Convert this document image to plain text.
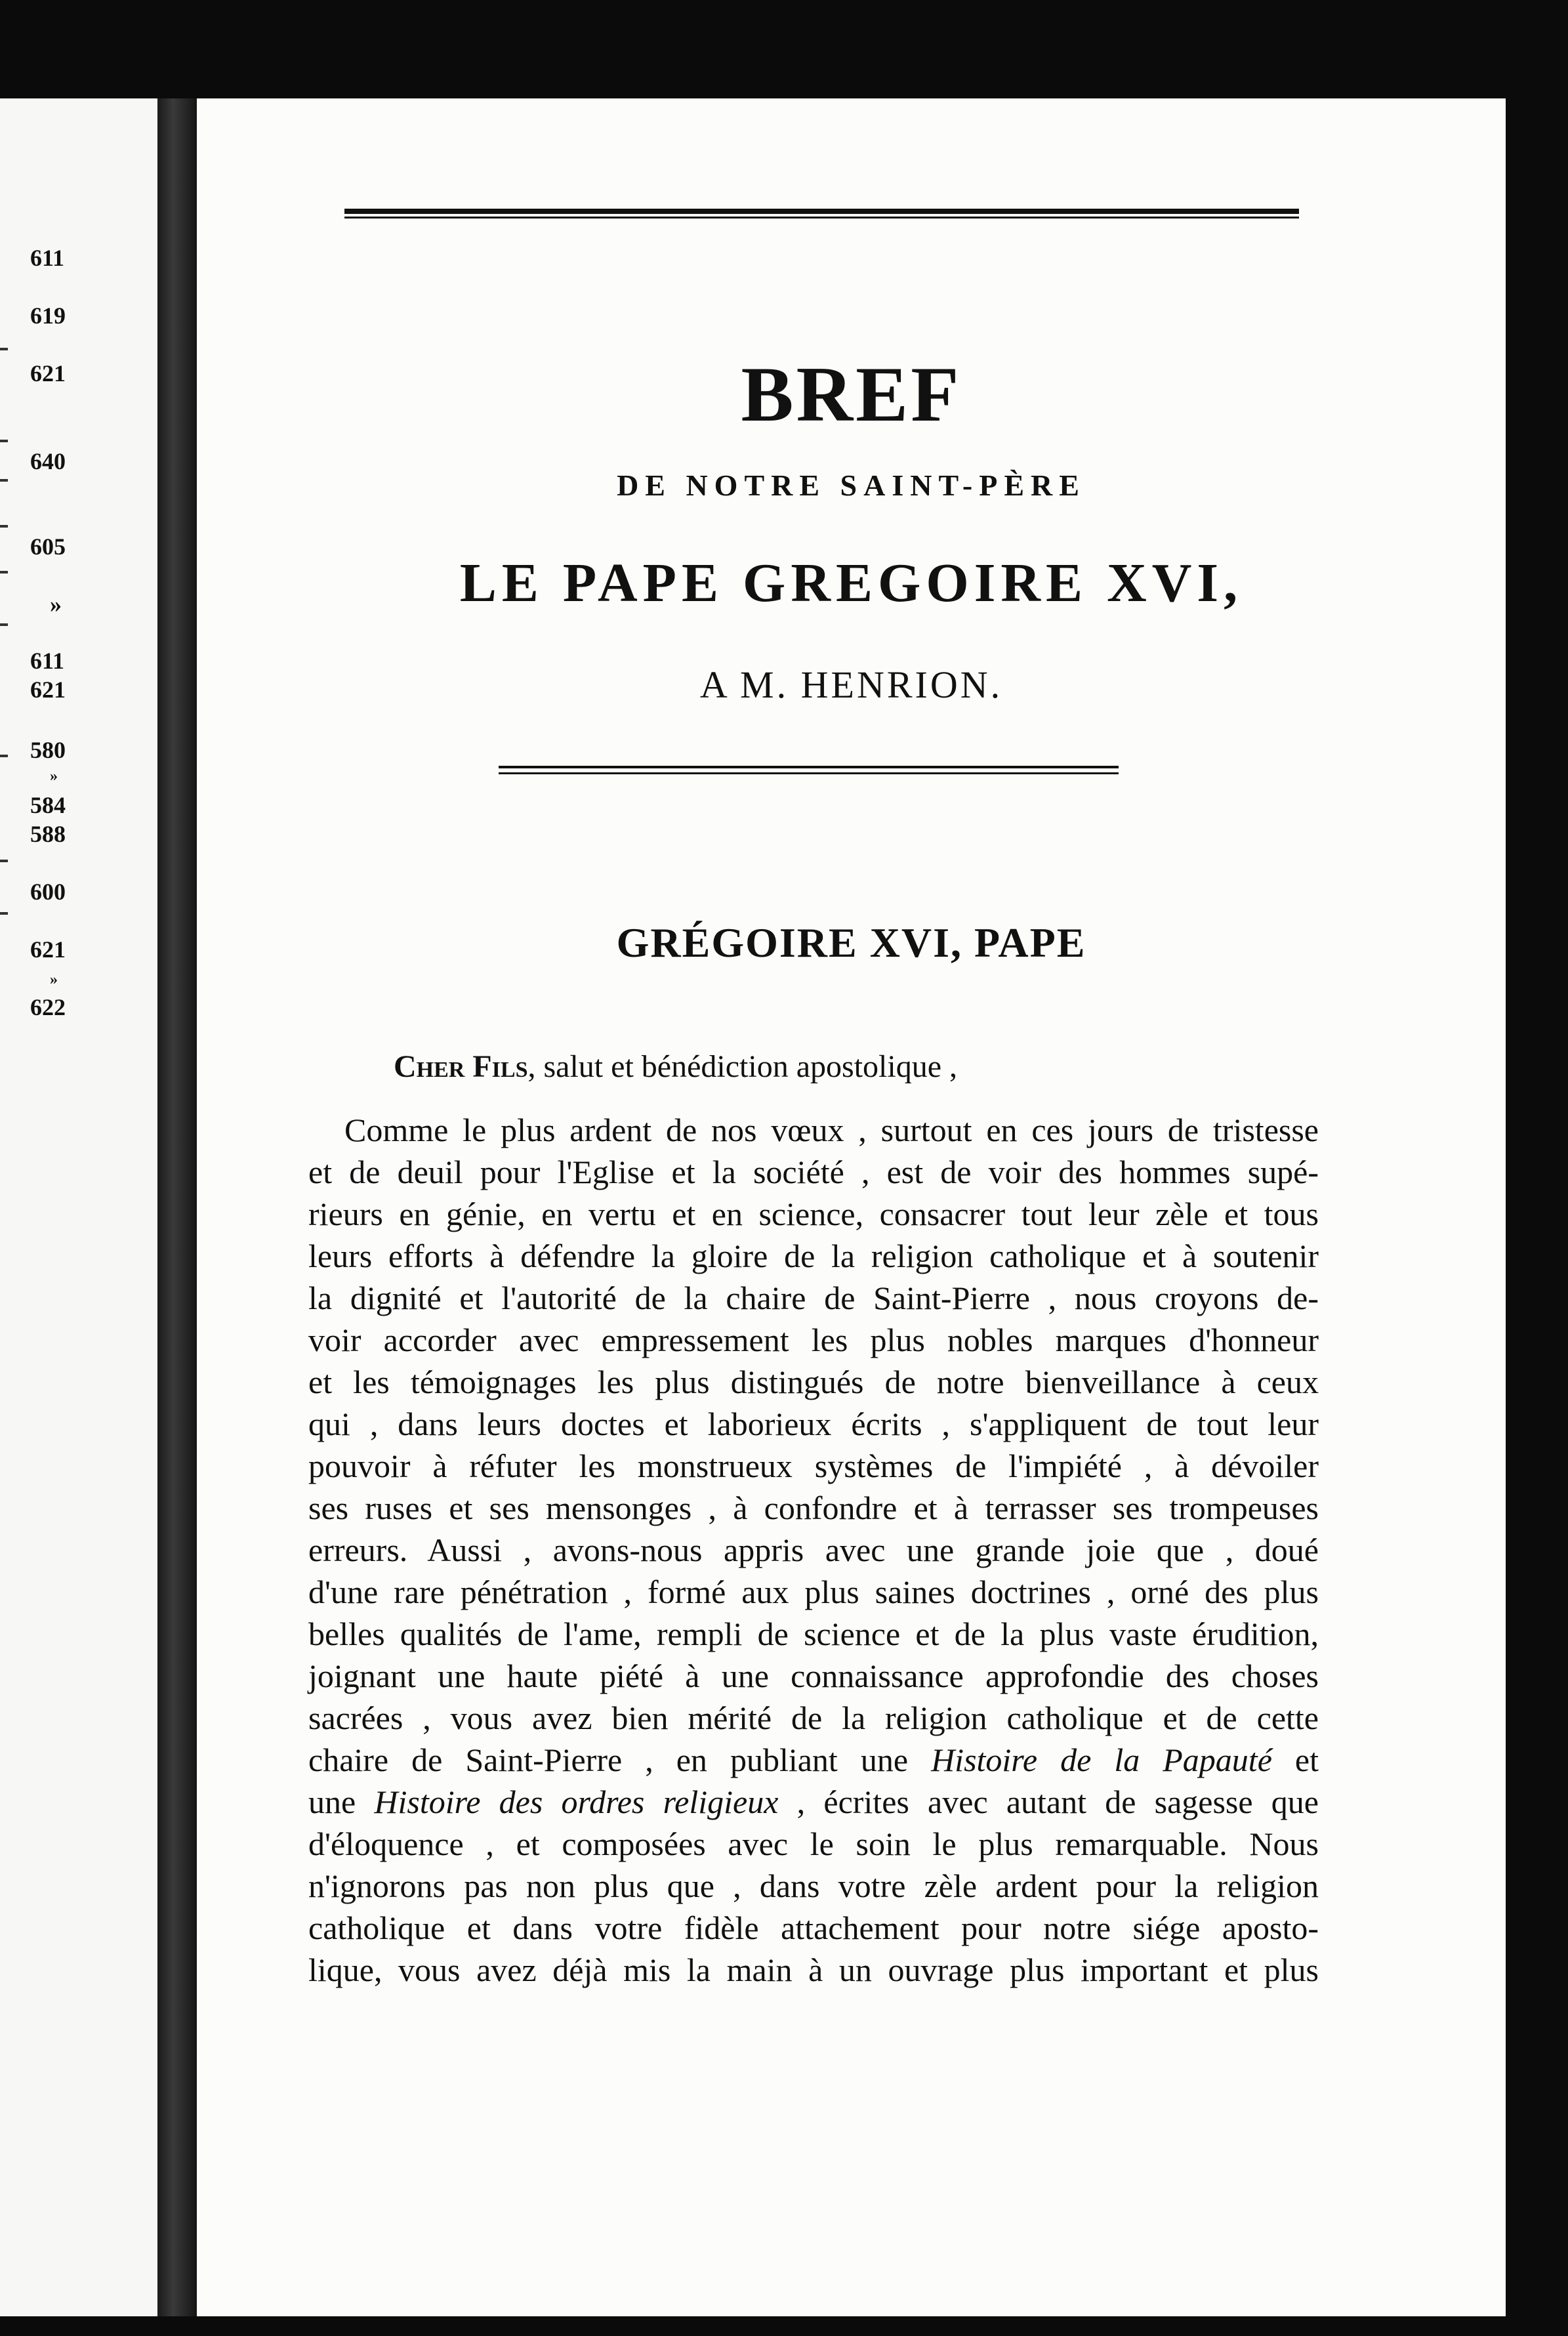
611
619
621
640
605
»
611
621
580
»
584
588
600
621
»
622
BREF
DE NOTRE SAINT-PÈRE
LE PAPE GREGOIRE XVI,
A M. HENRION.
GRÉGOIRE XVI, PAPE
Cher Fils, salut et bénédiction apostolique ,
Comme le plus ardent de nos vœux , surtout en ces jours de tristesse
et de deuil pour l'Eglise et la société , est de voir des hommes supé-
rieurs en génie, en vertu et en science, consacrer tout leur zèle et tous
leurs efforts à défendre la gloire de la religion catholique et à soutenir
la dignité et l'autorité de la chaire de Saint-Pierre , nous croyons de-
voir accorder avec empressement les plus nobles marques d'honneur
et les témoignages les plus distingués de notre bienveillance à ceux
qui , dans leurs doctes et laborieux écrits , s'appliquent de tout leur
pouvoir à réfuter les monstrueux systèmes de l'impiété , à dévoiler
ses ruses et ses mensonges , à confondre et à terrasser ses trompeuses
erreurs. Aussi , avons-nous appris avec une grande joie que , doué
d'une rare pénétration , formé aux plus saines doctrines , orné des plus
belles qualités de l'ame, rempli de science et de la plus vaste érudition,
joignant une haute piété à une connaissance approfondie des choses
sacrées , vous avez bien mérité de la religion catholique et de cette
chaire de Saint-Pierre , en publiant une Histoire de la Papauté et
une Histoire des ordres religieux , écrites avec autant de sagesse que
d'éloquence , et composées avec le soin le plus remarquable. Nous
n'ignorons pas non plus que , dans votre zèle ardent pour la religion
catholique et dans votre fidèle attachement pour notre siége aposto-
lique, vous avez déjà mis la main à un ouvrage plus important et plus
